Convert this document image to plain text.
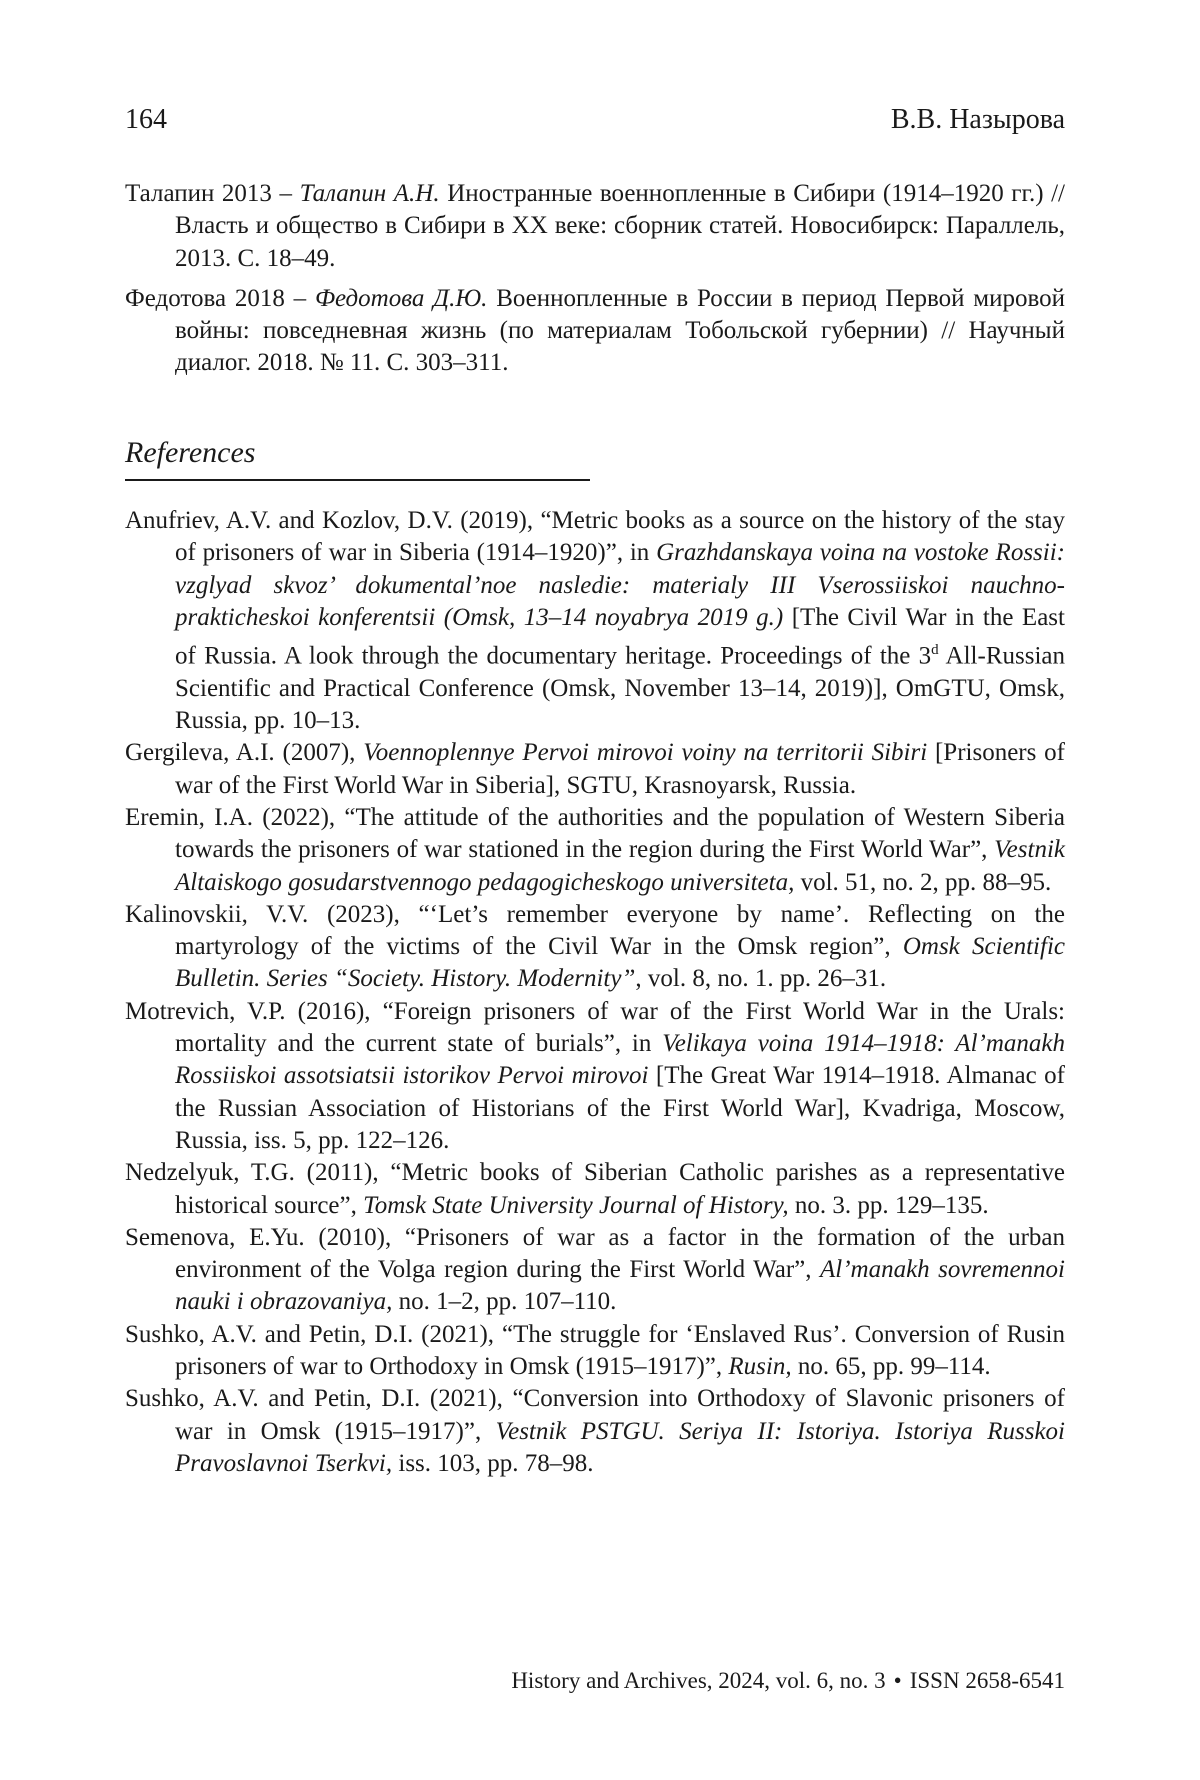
164	В.В. Назырова

Талапин 2013 – Талапин А.Н. Иностранные военнопленные в Сибири (1914–1920 гг.) // Власть и общество в Сибири в XX веке: сборник статей. Новосибирск: Параллель, 2013. С. 18–49.

Федотова 2018 – Федотова Д.Ю. Военнопленные в России в период Первой мировой войны: повседневная жизнь (по материалам Тобольской губернии) // Научный диалог. 2018. № 11. С. 303–311.

References

Anufriev, A.V. and Kozlov, D.V. (2019), “Metric books as a source on the history of the stay of prisoners of war in Siberia (1914–1920)”, in Grazhdanskaya voina na vostoke Rossii: vzglyad skvoz’ dokumental’noe nasledie: materialy III Vserossiiskoi nauchno-prakticheskoi konferentsii (Omsk, 13–14 noyabrya 2019 g.) [The Civil War in the East of Russia. A look through the documentary heritage. Proceedings of the 3$^d$ All-Russian Scientific and Practical Conference (Omsk, November 13–14, 2019)], OmGTU, Omsk, Russia, pp. 10–13.

Gergileva, A.I. (2007), Voennoplennye Pervoi mirovoi voiny na territorii Sibiri [Prisoners of war of the First World War in Siberia], SGTU, Krasnoyarsk, Russia.

Eremin, I.A. (2022), “The attitude of the authorities and the population of Western Siberia towards the prisoners of war stationed in the region during the First World War”, Vestnik Altaiskogo gosudarstvennogo pedagogicheskogo universiteta, vol. 51, no. 2, pp. 88–95.

Kalinovskii, V.V. (2023), “‘Let’s remember everyone by name’. Reflecting on the martyrology of the victims of the Civil War in the Omsk region”, Omsk Scientific Bulletin. Series “Society. History. Modernity”, vol. 8, no. 1. pp. 26–31.

Motrevich, V.P. (2016), “Foreign prisoners of war of the First World War in the Urals: mortality and the current state of burials”, in Velikaya voina 1914–1918: Al’manakh Rossiiskoi assotsiatsii istorikov Pervoi mirovoi [The Great War 1914–1918. Almanac of the Russian Association of Historians of the First World War], Kvadriga, Moscow, Russia, iss. 5, pp. 122–126.

Nedzelyuk, T.G. (2011), “Metric books of Siberian Catholic parishes as a representative historical source”, Tomsk State University Journal of History, no. 3. pp. 129–135.

Semenova, E.Yu. (2010), “Prisoners of war as a factor in the formation of the urban environment of the Volga region during the First World War”, Al’manakh sovremennoi nauki i obrazovaniya, no. 1–2, pp. 107–110.

Sushko, A.V. and Petin, D.I. (2021), “The struggle for ‘Enslaved Rus’. Conversion of Rusin prisoners of war to Orthodoxy in Omsk (1915–1917)”, Rusin, no. 65, pp. 99–114.

Sushko, A.V. and Petin, D.I. (2021), “Conversion into Orthodoxy of Slavonic prisoners of war in Omsk (1915–1917)”, Vestnik PSTGU. Seriya II: Istoriya. Istoriya Russkoi Pravoslavnoi Tserkvi, iss. 103, pp. 78–98.

History and Archives, 2024, vol. 6, no. 3 • ISSN 2658-6541
